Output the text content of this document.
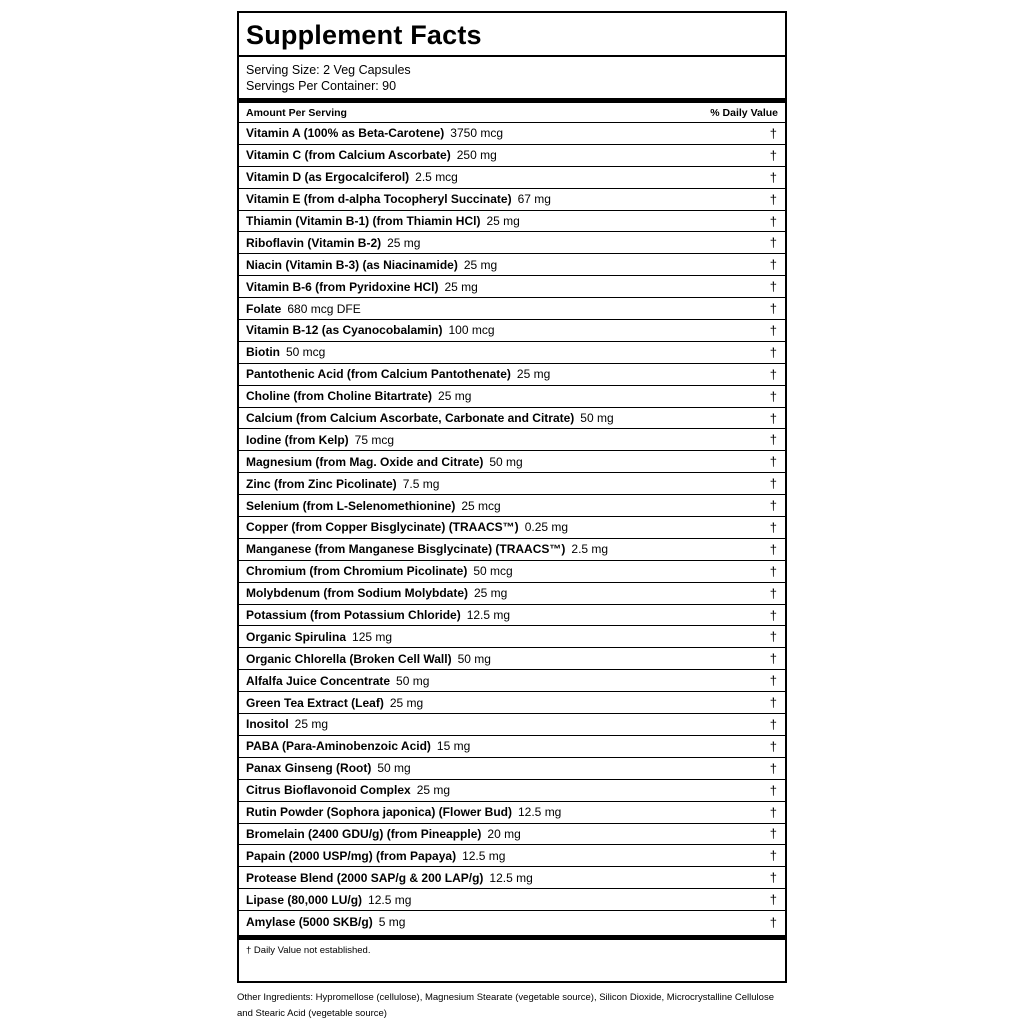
Supplement Facts
Serving Size: 2 Veg Capsules
Servings Per Container: 90
Amount Per Serving	% Daily Value
Vitamin A (100% as Beta-Carotene) 3750 mcg	†
Vitamin C (from Calcium Ascorbate) 250 mg	†
Vitamin D (as Ergocalciferol) 2.5 mcg	†
Vitamin E (from d-alpha Tocopheryl Succinate) 67 mg	†
Thiamin (Vitamin B-1) (from Thiamin HCl) 25 mg	†
Riboflavin (Vitamin B-2) 25 mg	†
Niacin (Vitamin B-3) (as Niacinamide) 25 mg	†
Vitamin B-6 (from Pyridoxine HCl) 25 mg	†
Folate 680 mcg DFE	†
Vitamin B-12 (as Cyanocobalamin) 100 mcg	†
Biotin 50 mcg	†
Pantothenic Acid (from Calcium Pantothenate) 25 mg	†
Choline (from Choline Bitartrate) 25 mg	†
Calcium (from Calcium Ascorbate, Carbonate and Citrate) 50 mg	†
Iodine (from Kelp) 75 mcg	†
Magnesium (from Mag. Oxide and Citrate) 50 mg	†
Zinc (from Zinc Picolinate) 7.5 mg	†
Selenium (from L-Selenomethionine) 25 mcg	†
Copper (from Copper Bisglycinate) (TRAACS™) 0.25 mg	†
Manganese (from Manganese Bisglycinate) (TRAACS™) 2.5 mg	†
Chromium (from Chromium Picolinate) 50 mcg	†
Molybdenum (from Sodium Molybdate) 25 mg	†
Potassium (from Potassium Chloride) 12.5 mg	†
Organic Spirulina 125 mg	†
Organic Chlorella (Broken Cell Wall) 50 mg	†
Alfalfa Juice Concentrate 50 mg	†
Green Tea Extract (Leaf) 25 mg	†
Inositol 25 mg	†
PABA (Para-Aminobenzoic Acid) 15 mg	†
Panax Ginseng (Root) 50 mg	†
Citrus Bioflavonoid Complex 25 mg	†
Rutin Powder (Sophora japonica) (Flower Bud) 12.5 mg	†
Bromelain (2400 GDU/g) (from Pineapple) 20 mg	†
Papain (2000 USP/mg) (from Papaya) 12.5 mg	†
Protease Blend (2000 SAP/g & 200 LAP/g) 12.5 mg	†
Lipase (80,000 LU/g) 12.5 mg	†
Amylase (5000 SKB/g) 5 mg	†
† Daily Value not established.
Other Ingredients: Hypromellose (cellulose), Magnesium Stearate (vegetable source), Silicon Dioxide, Microcrystalline Cellulose and Stearic Acid (vegetable source)
